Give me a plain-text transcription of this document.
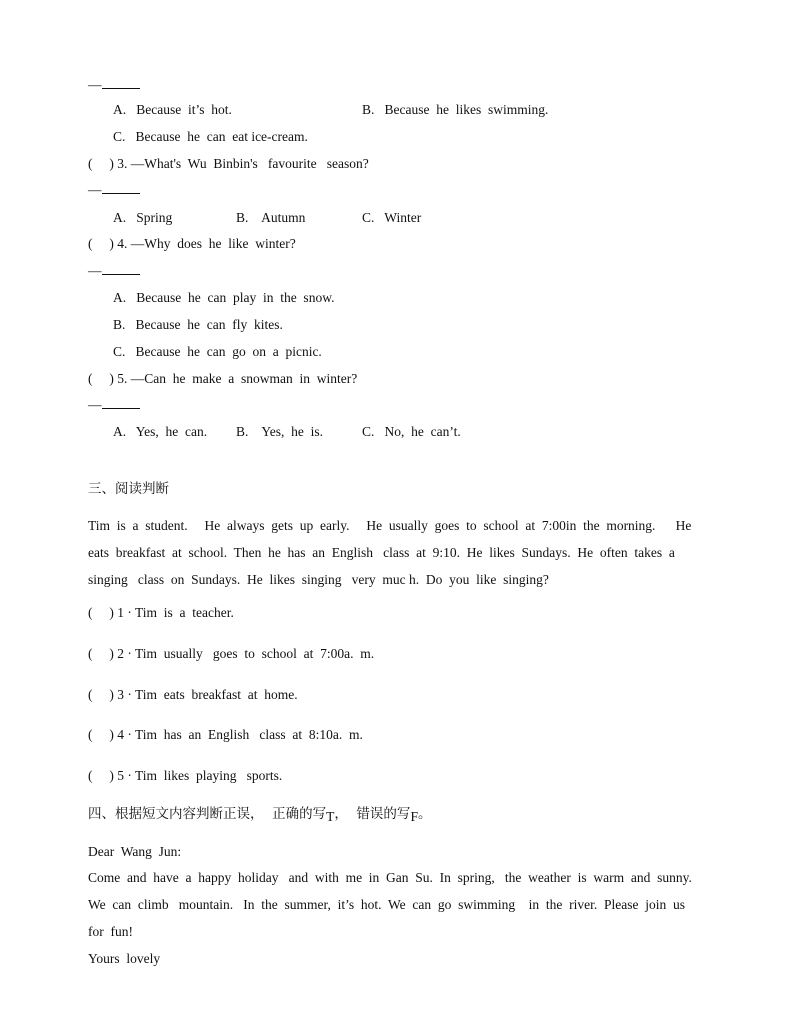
—
A.   Because  it’s  hot.	B.   Because  he  likes  swimming.
C.   Because  he  can  eat ice-cream.
(     ) 3. —What's  Wu  Binbin's   favourite   season?
—
A.   Spring	B.    Autumn	C.   Winter
(     ) 4. —Why  does  he  like  winter?
—
A.   Because  he  can  play  in  the  snow.
B.   Because  he  can  fly  kites.
C.   Because  he  can  go  on  a  picnic.
(     ) 5. —Can  he  make  a  snowman  in  winter?
—
A.   Yes,  he  can. B.    Yes,  he  is.	C.   No,  he  can’t.
三、阅读判断
Tim  is  a  student.     He  always  gets  up  early.     He  usually  goes  to  school  at  7:00in  the  morning.      He
eats  breakfast  at  school.  Then  he  has  an  English   class  at  9:10.  He  likes  Sundays.  He  often  takes  a
singing   class  on  Sundays.  He  likes  singing   very  muc h.  Do  you  like  singing?
(     ) 1 · Tim  is  a  teacher.
(     ) 2 · Tim  usually   goes  to  school  at  7:00a.  m.
(     ) 3 · Tim  eats  breakfast  at  home.
(     ) 4 · Tim  has  an  English   class  at  8:10a.  m.
(     ) 5 · Tim  likes  playing   sports.
四、根据短文内容判断正误，  正确的写T，  错误的写F。
Dear  Wang  Jun:
Come  and  have  a  happy  holiday   and  with  me  in  Gan  Su.  In  spring,   the  weather  is  warm  and  sunny.
We  can  climb   mountain.   In  the  summer,  it’s  hot.  We  can  go  swimming    in  the  river.  Please  join  us
for  fun!
Yours  lovely
